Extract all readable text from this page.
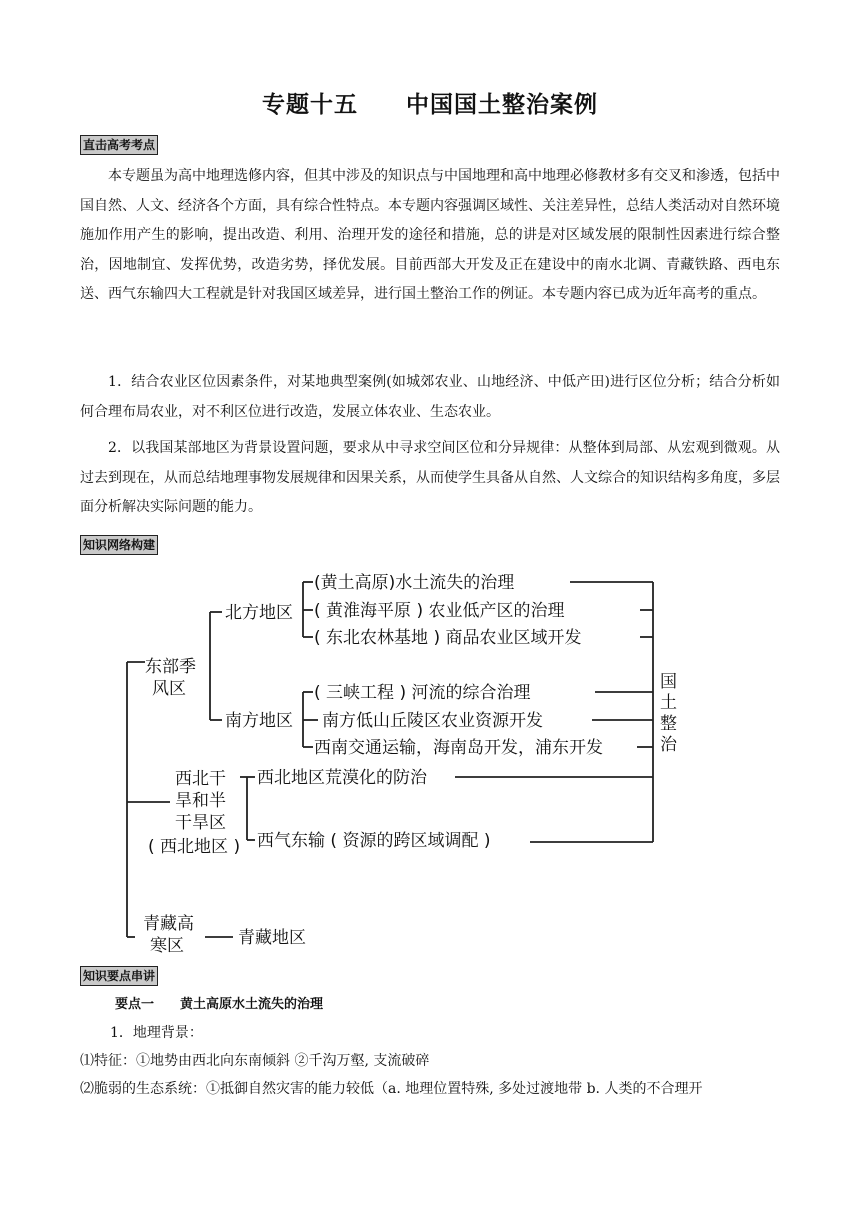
专题十五　　中国国土整治案例
直击高考考点

本专题虽为高中地理选修内容，但其中涉及的知识点与中国地理和高中地理必修教材多有交叉和渗透，包括中国自然、人文、经济各个方面，具有综合性特点。本专题内容强调区域性、关注差异性，总结人类活动对自然环境施加作用产生的影响，提出改造、利用、治理开发的途径和措施，总的讲是对区域发展的限制性因素进行综合整治，因地制宜、发挥优势，改造劣势，择优发展。目前西部大开发及正在建设中的南水北调、青藏铁路、西电东送、西气东输四大工程就是针对我国区域差异，进行国土整治工作的例证。本专题内容已成为近年高考的重点。

1．结合农业区位因素条件，对某地典型案例(如城郊农业、山地经济、中低产田)进行区位分析；结合分析如何合理布局农业，对不利区位进行改造，发展立体农业、生态农业。

2．以我国某部地区为背景设置问题，要求从中寻求空间区位和分异规律：从整体到局部、从宏观到微观。从过去到现在，从而总结地理事物发展规律和因果关系，从而使学生具备从自然、人文综合的知识结构多角度，多层面分析解决实际问题的能力。

知识网络构建
东部季
风区
北方地区
南方地区
(黄土高原)水土流失的治理
( 黄淮海平原 ) 农业低产区的治理
( 东北农林基地 ) 商品农业区域开发
( 三峡工程 ) 河流的综合治理
南方低山丘陵区农业资源开发
西南交通运输，海南岛开发，浦东开发
国
土
整
治
西北干
旱和半
干旱区
( 西北地区 )
西北地区荒漠化的防治
西气东输 ( 资源的跨区域调配 )
青藏高
寒区	青藏地区
知识要点串讲
要点一　　黄土高原水土流失的治理
1．地理背景：
⑴特征：①地势由西北向东南倾斜 ②千沟万壑, 支流破碎
⑵脆弱的生态系统：①抵御自然灾害的能力较低（a. 地理位置特殊, 多处过渡地带 b. 人类的不合理开
